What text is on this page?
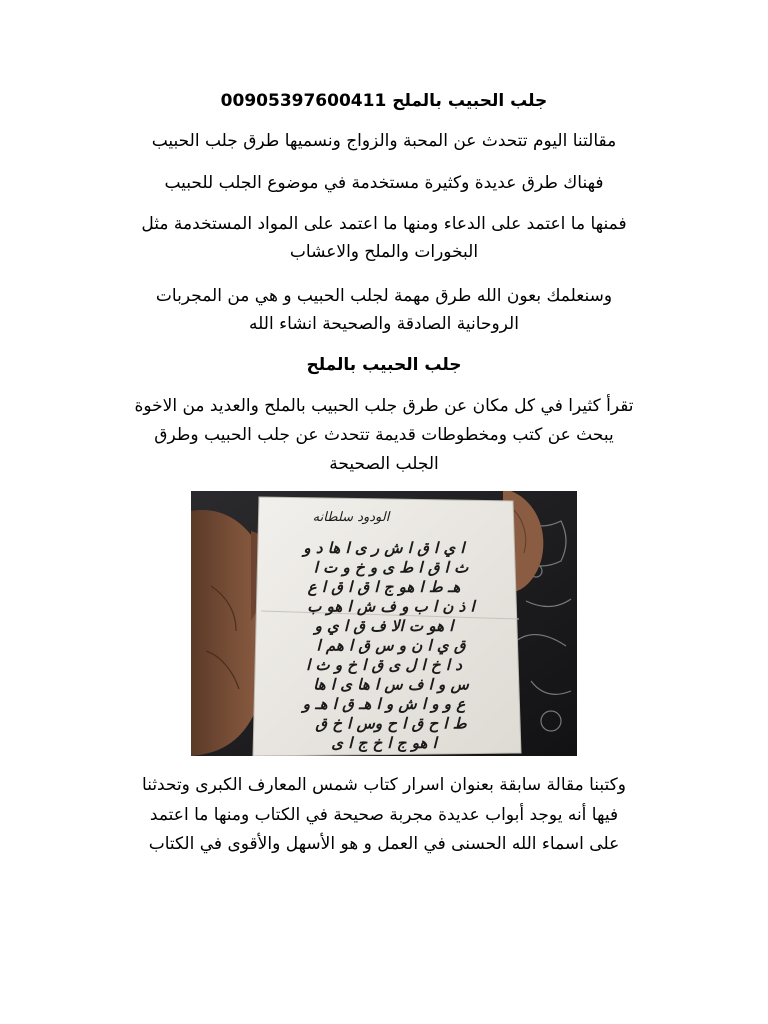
جلب الحبيب بالملح 00905397600411
مقالتنا اليوم تتحدث عن المحبة والزواج ونسميها طرق جلب الحبيب
فهناك طرق عديدة وكثيرة مستخدمة في موضوع الجلب للحبيب
فمنها ما اعتمد على الدعاء ومنها ما اعتمد على المواد المستخدمة مثل
البخورات والملح والاعشاب
وسنعلمك بعون الله طرق مهمة لجلب الحبيب و هي من المجربات
الروحانية الصادقة والصحيحة انشاء الله
جلب الحبيب بالملح
تقرأ كثيرا في كل مكان عن طرق جلب الحبيب بالملح والعديد من الاخوة
يبحث عن كتب ومخطوطات قديمة تتحدث عن جلب الحبيب وطرق
الجلب الصحيحة
الودود سلطانه
ا ي ا ق ا ش ر ى ا ها د و
ث ا ق ا ط ى و خ و ت ا
هـ ط ا هو ج ا ق ا ق ا ع
ا ذ ن ا ب و ف ش ا هو ب
ا هو ت الا ف ق ا ي و
ق ي ا ن و س ق ا هم ا
د ا خ ا ل ى ق ا خ و ث ا
س و ا ف س ا ها ى ا ها
ع و و ا ش و ا هـ ق ا هـ و
ط ا ح ق ا ح وس ا خ ق
ا هو ج ا خ ج ا ى
وكتبنا مقالة سابقة بعنوان اسرار كتاب شمس المعارف الكبرى وتحدثنا
فيها أنه يوجد أبواب عديدة مجربة صحيحة في الكتاب ومنها ما اعتمد
على اسماء الله الحسنى في العمل و هو الأسهل والأقوى في الكتاب
